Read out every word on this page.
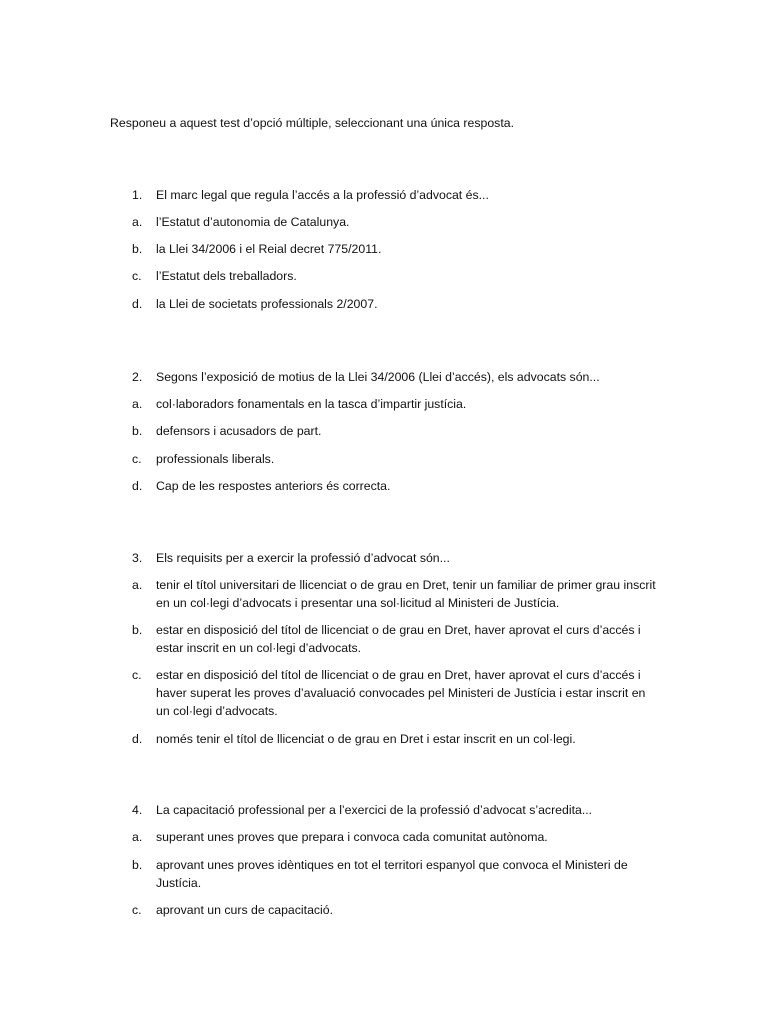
Responeu a aquest test d’opció múltiple, seleccionant una única resposta.
1. El marc legal que regula l’accés a la professió d’advocat és...
a. l’Estatut d’autonomia de Catalunya.
b. la Llei 34/2006 i el Reial decret 775/2011.
c. l’Estatut dels treballadors.
d. la Llei de societats professionals 2/2007.
2. Segons l’exposició de motius de la Llei 34/2006 (Llei d’accés), els advocats són...
a. col·laboradors fonamentals en la tasca d’impartir justícia.
b. defensors i acusadors de part.
c. professionals liberals.
d. Cap de les respostes anteriors és correcta.
3. Els requisits per a exercir la professió d’advocat són...
a. tenir el títol universitari de llicenciat o de grau en Dret, tenir un familiar de primer grau inscrit en un col·legi d’advocats i presentar una sol·licitud al Ministeri de Justícia.
b. estar en disposició del títol de llicenciat o de grau en Dret, haver aprovat el curs d’accés i estar inscrit en un col·legi d’advocats.
c. estar en disposició del títol de llicenciat o de grau en Dret, haver aprovat el curs d’accés i haver superat les proves d’avaluació convocades pel Ministeri de Justícia i estar inscrit en un col·legi d’advocats.
d. només tenir el títol de llicenciat o de grau en Dret i estar inscrit en un col·legi.
4. La capacitació professional per a l’exercici de la professió d’advocat s’acredita...
a. superant unes proves que prepara i convoca cada comunitat autònoma.
b. aprovant unes proves idèntiques en tot el territori espanyol que convoca el Ministeri de Justícia.
c. aprovant un curs de capacitació.
